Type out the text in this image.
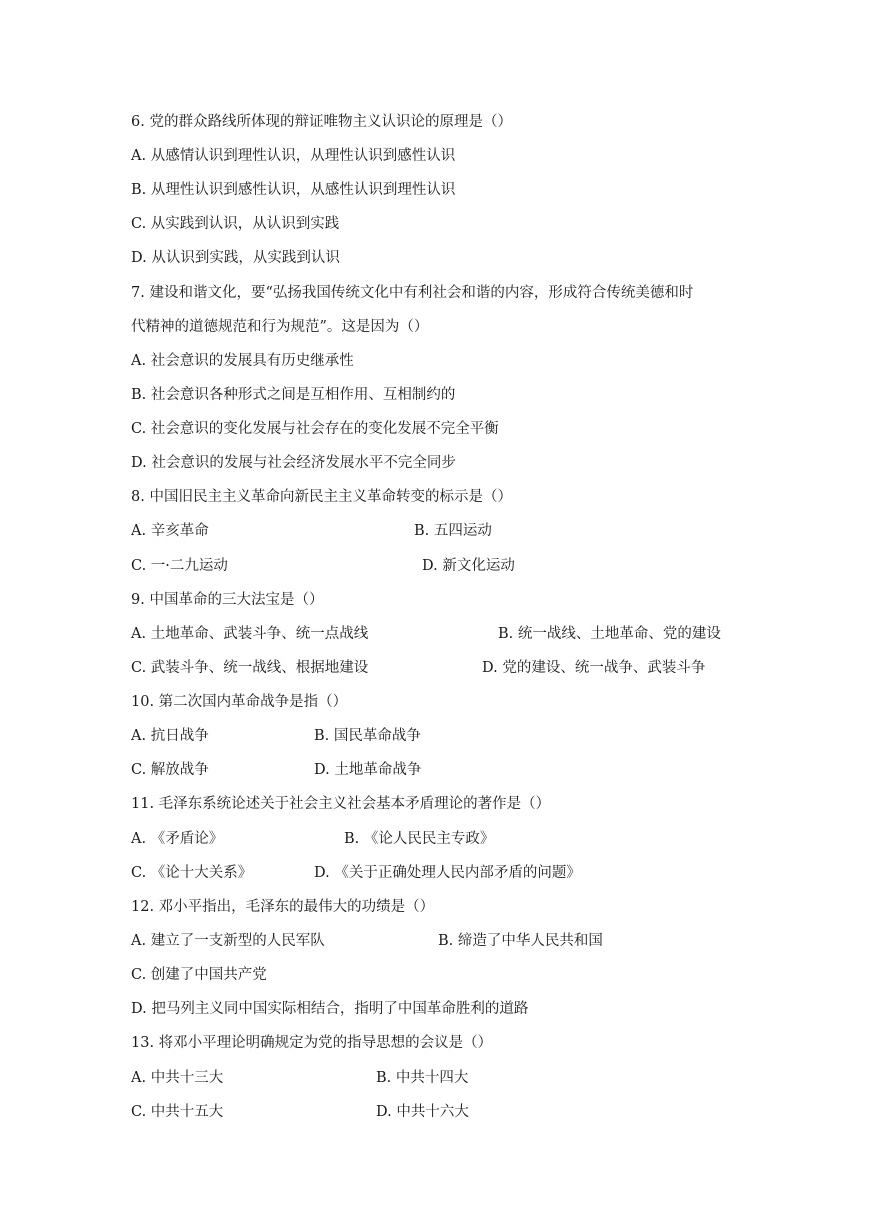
6. 党的群众路线所体现的辩证唯物主义认识论的原理是（）
A. 从感情认识到理性认识，从理性认识到感性认识
B. 从理性认识到感性认识，从感性认识到理性认识
C. 从实践到认识，从认识到实践
D. 从认识到实践，从实践到认识
7. 建设和谐文化，要“弘扬我国传统文化中有利社会和谐的内容，形成符合传统美德和时
代精神的道德规范和行为规范”。这是因为（）
A. 社会意识的发展具有历史继承性
B. 社会意识各种形式之间是互相作用、互相制约的
C. 社会意识的变化发展与社会存在的变化发展不完全平衡
D. 社会意识的发展与社会经济发展水平不完全同步
8. 中国旧民主主义革命向新民主主义革命转变的标示是（）
A. 辛亥革命	B. 五四运动
C. 一·二九运动	D. 新文化运动
9. 中国革命的三大法宝是（）
A. 土地革命、武装斗争、统一点战线	B. 统一战线、土地革命、党的建设
C. 武装斗争、统一战线、根据地建设	D. 党的建设、统一战争、武装斗争
10. 第二次国内革命战争是指（）
A. 抗日战争	B. 国民革命战争
C. 解放战争	D. 土地革命战争
11. 毛泽东系统论述关于社会主义社会基本矛盾理论的著作是（）
A. 《矛盾论》	B. 《论人民民主专政》
C. 《论十大关系》	D. 《关于正确处理人民内部矛盾的问题》
12. 邓小平指出，毛泽东的最伟大的功绩是（）
A. 建立了一支新型的人民军队	B. 缔造了中华人民共和国
C. 创建了中国共产党
D. 把马列主义同中国实际相结合，指明了中国革命胜利的道路
13. 将邓小平理论明确规定为党的指导思想的会议是（）
A. 中共十三大	B. 中共十四大
C. 中共十五大	D. 中共十六大
